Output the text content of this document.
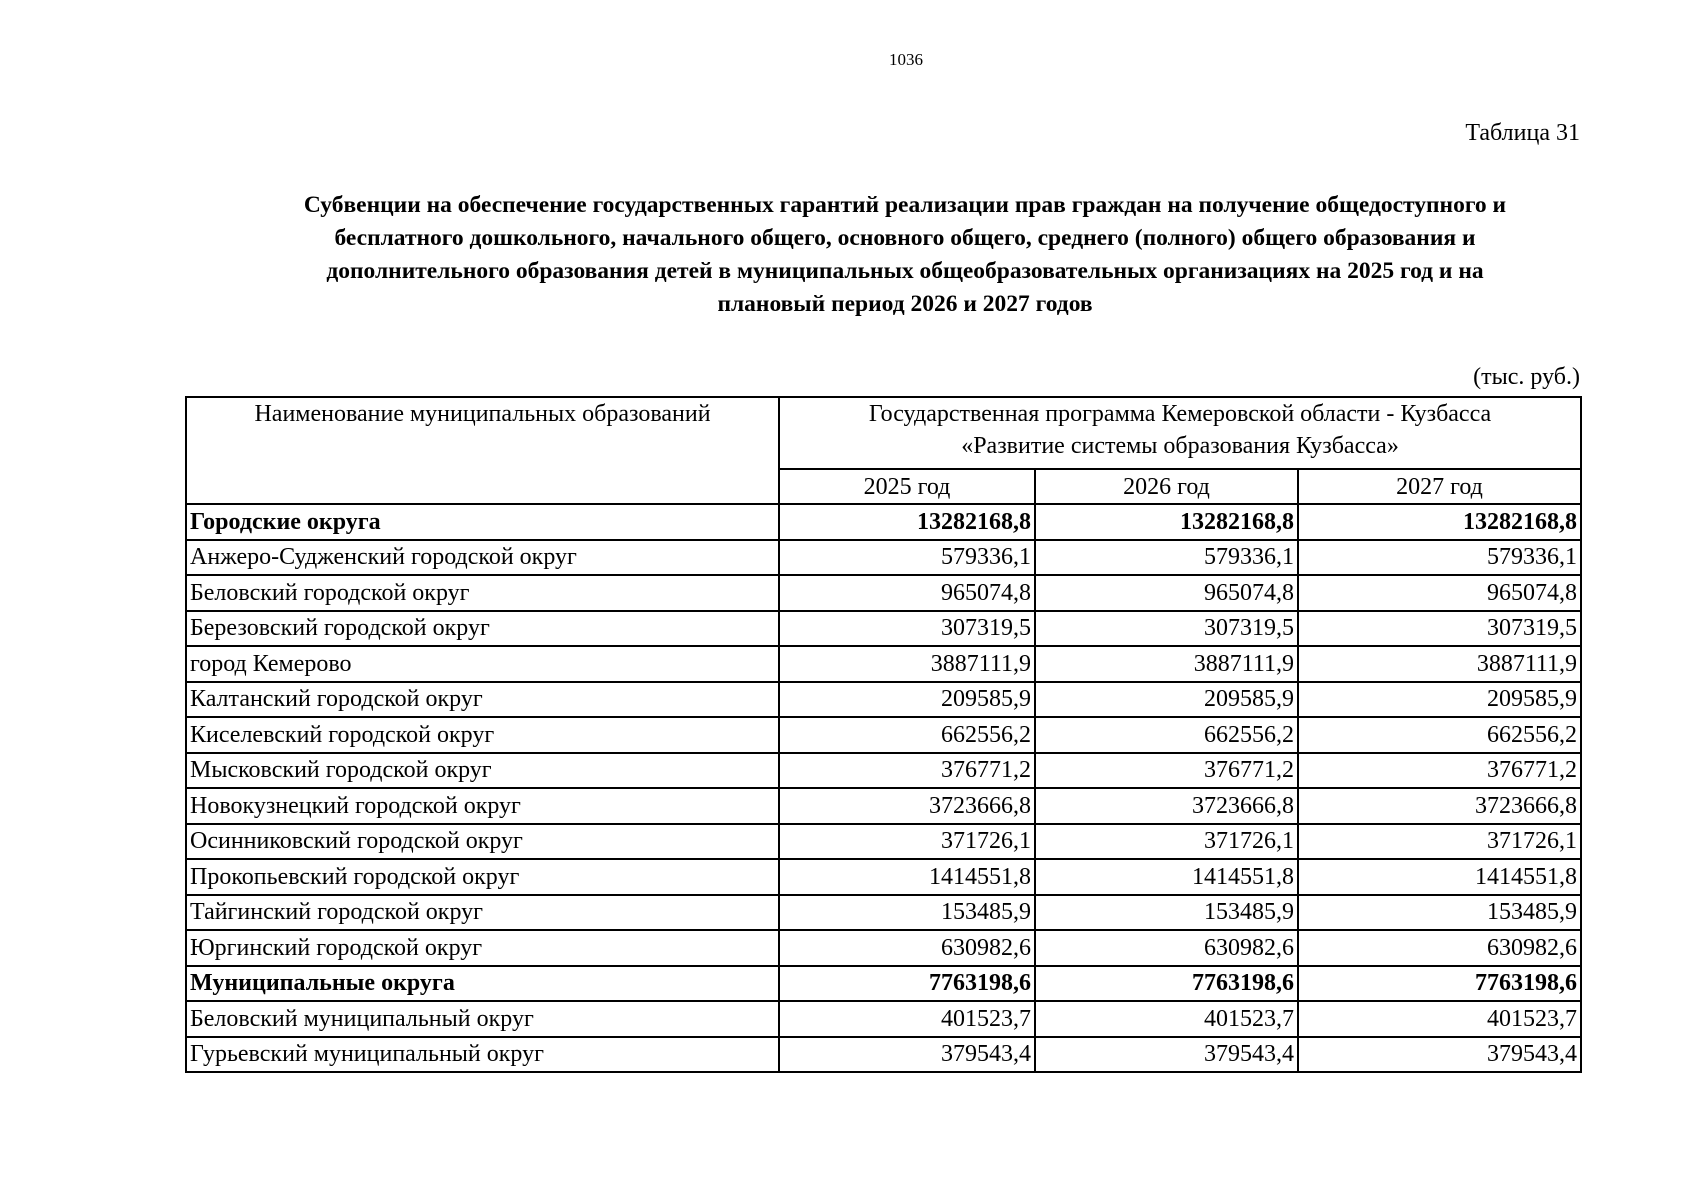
1036
Таблица 31
Субвенции на обеспечение государственных гарантий реализации прав граждан на получение общедоступного и
бесплатного дошкольного, начального общего, основного общего, среднего (полного) общего образования и
дополнительного образования детей в муниципальных общеобразовательных организациях на 2025 год и на
плановый период 2026 и 2027 годов
(тыс. руб.)
Наименование муниципальных образований	Государственная программа Кемеровской области - Кузбасса
«Развитие системы образования Кузбасса»		

	2025 год	2026 год	2027 год
Городские округа	13282168,8	13282168,8	13282168,8
Анжеро-Судженский городской округ	579336,1	579336,1	579336,1
Беловский городской округ	965074,8	965074,8	965074,8
Березовский городской округ	307319,5	307319,5	307319,5
город Кемерово	3887111,9	3887111,9	3887111,9
Калтанский городской округ	209585,9	209585,9	209585,9
Киселевский городской округ	662556,2	662556,2	662556,2
Мысковский городской округ	376771,2	376771,2	376771,2
Новокузнецкий городской округ	3723666,8	3723666,8	3723666,8
Осинниковский городской округ	371726,1	371726,1	371726,1
Прокопьевский городской округ	1414551,8	1414551,8	1414551,8
Тайгинский городской округ	153485,9	153485,9	153485,9
Юргинский городской округ	630982,6	630982,6	630982,6
Муниципальные округа	7763198,6	7763198,6	7763198,6
Беловский муниципальный округ	401523,7	401523,7	401523,7
Гурьевский муниципальный округ	379543,4	379543,4	379543,4
